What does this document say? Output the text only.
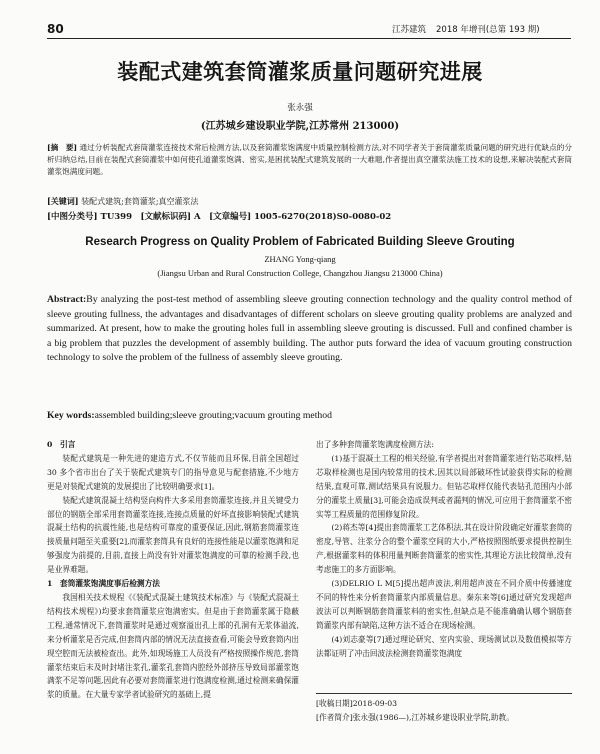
80	江苏建筑 2018 年增刊(总第 193 期)
装配式建筑套筒灌浆质量问题研究进展
张永强
(江苏城乡建设职业学院,江苏常州 213000)
[摘　要] 通过分析装配式套筒灌浆连接技术常后检测方法,以及套筒灌浆饱满度中质量控制检测方法,对不同学者关于套筒灌浆质量问题的研究进行优缺点的分析归纳总结,目前在装配式套筒灌浆中如何使孔道灌浆饱满、密实,是困扰装配式建筑发展的一大难题,作者提出真空灌浆法施工技术的设想,来解决装配式套筒灌浆饱满度问题。
[关键词] 装配式建筑;套筒灌浆;真空灌浆法
[中图分类号] TU399　[文献标识码] A　[文章编号] 1005-6270(2018)S0-0080-02
Research Progress on Quality Problem of Fabricated Building Sleeve Grouting
ZHANG Yong-qiang
(Jiangsu Urban and Rural Construction College, Changzhou Jiangsu 213000 China)
Abstract:By analyzing the post-test method of assembling sleeve grouting connection technology and the quality control method of sleeve grouting fullness, the advantages and disadvantages of different scholars on sleeve grouting quality problems are analyzed and summarized. At present, how to make the grouting holes full in assembling sleeve grouting is discussed. Full and confined chamber is a big problem that puzzles the development of assembly building. The author puts forward the idea of vacuum grouting construction technology to solve the problem of the fullness of assembly sleeve grouting.
Key words:assembled building;sleeve grouting;vacuum grouting method

0　引言

装配式建筑是一种先进的建造方式,不仅节能而且环保,目前全国超过 30 多个省市出台了关于装配式建筑专门的指导意见与配套措施,不少地方更是对装配式建筑的发展提出了比较明确要求[1]。

装配式建筑混凝土结构竖向构件大多采用套筒灌浆连接,并且关键受力部位的钢筋全部采用套筒灌浆连接,连接点质量的好坏直接影响装配式建筑混凝土结构的抗震性能,也是结构可靠度的重要保证,因此,钢筋套筒灌浆连接质量问题至关重要[2],而灌浆套筒具有良好的连接性能是以灌浆饱满和足够强度为前提的,目前,直接上尚没有针对灌浆饱满度的可靠的检测手段,也是业界难题。

1　套筒灌浆饱满度事后检测方法

我国相关技术规程《《装配式混凝土建筑技术标准》与《装配式混凝土结构技术规程》)均要求套筒灌浆应饱满密实。但是由于套筒灌浆属于隐蔽工程,通常情况下,套筒灌浆时是通过观察溢出孔上部的孔洞有无浆体溢流,来分析灌浆是否完成,但套筒内部的情况无法直接查看,可能会导致套筒内出现空腔而无法被检查出。此外,如现场施工人员没有严格按照操作规范,套筒灌浆结束后未及时封堵注浆孔,灌浆孔套筒内腔经外部挤压导致局部灌浆饱满浆不足等问题,因此有必要对套筒灌浆进行饱满度检测,通过检测来确保灌浆的质量。在大量专家学者试验研究的基础上,提

出了多种套筒灌浆饱满度检测方法:

(1)基于混凝土工程的相关经验,有学者提出对套筒灌浆进行钻芯取样,钻芯取样检测也是国内较常用的技术,因其以局部破坏性试验获得实际的检测结果,直观可靠,测试结果具有说服力。但钻芯取样仅能代表钻孔范围内小部分的灌浆土质量[3],可能会造成误判或者漏判的情况,可应用于套筒灌浆不密实等工程质量的范围修复阶段。

(2)蒋杰等[4]提出套筒灌浆工艺体积法,其在设计阶段确定好灌浆套筒的密度,导管、注浆分合的整个灌浆空间的大小,严格按照图纸要求提供控制生产,根据灌浆料的体积用量判断套筒灌浆的密实性,其理论方法比较简单,没有考虑施工的多方面影响。

(3)DELRIO L M[5]提出超声波法,利用超声波在不同介质中传播速度不同的特性来分析套筒灌浆内部质量信息。秦东来等[6]通过研究发现超声波法可以判断钢筋套筒灌浆料的密实性,但缺点是不能准确确认哪个钢筋套筒灌浆内部有缺陷,这种方法不适合在现场检测。

(4)刘志豪等[7]通过理论研究、室内实验、现场测试以及数值模拟等方法都证明了冲击回波法检测套筒灌浆饱满度

[收稿日期]2018-09-03
[作者简介]张永强(1986—),江苏城乡建设职业学院,助教。
